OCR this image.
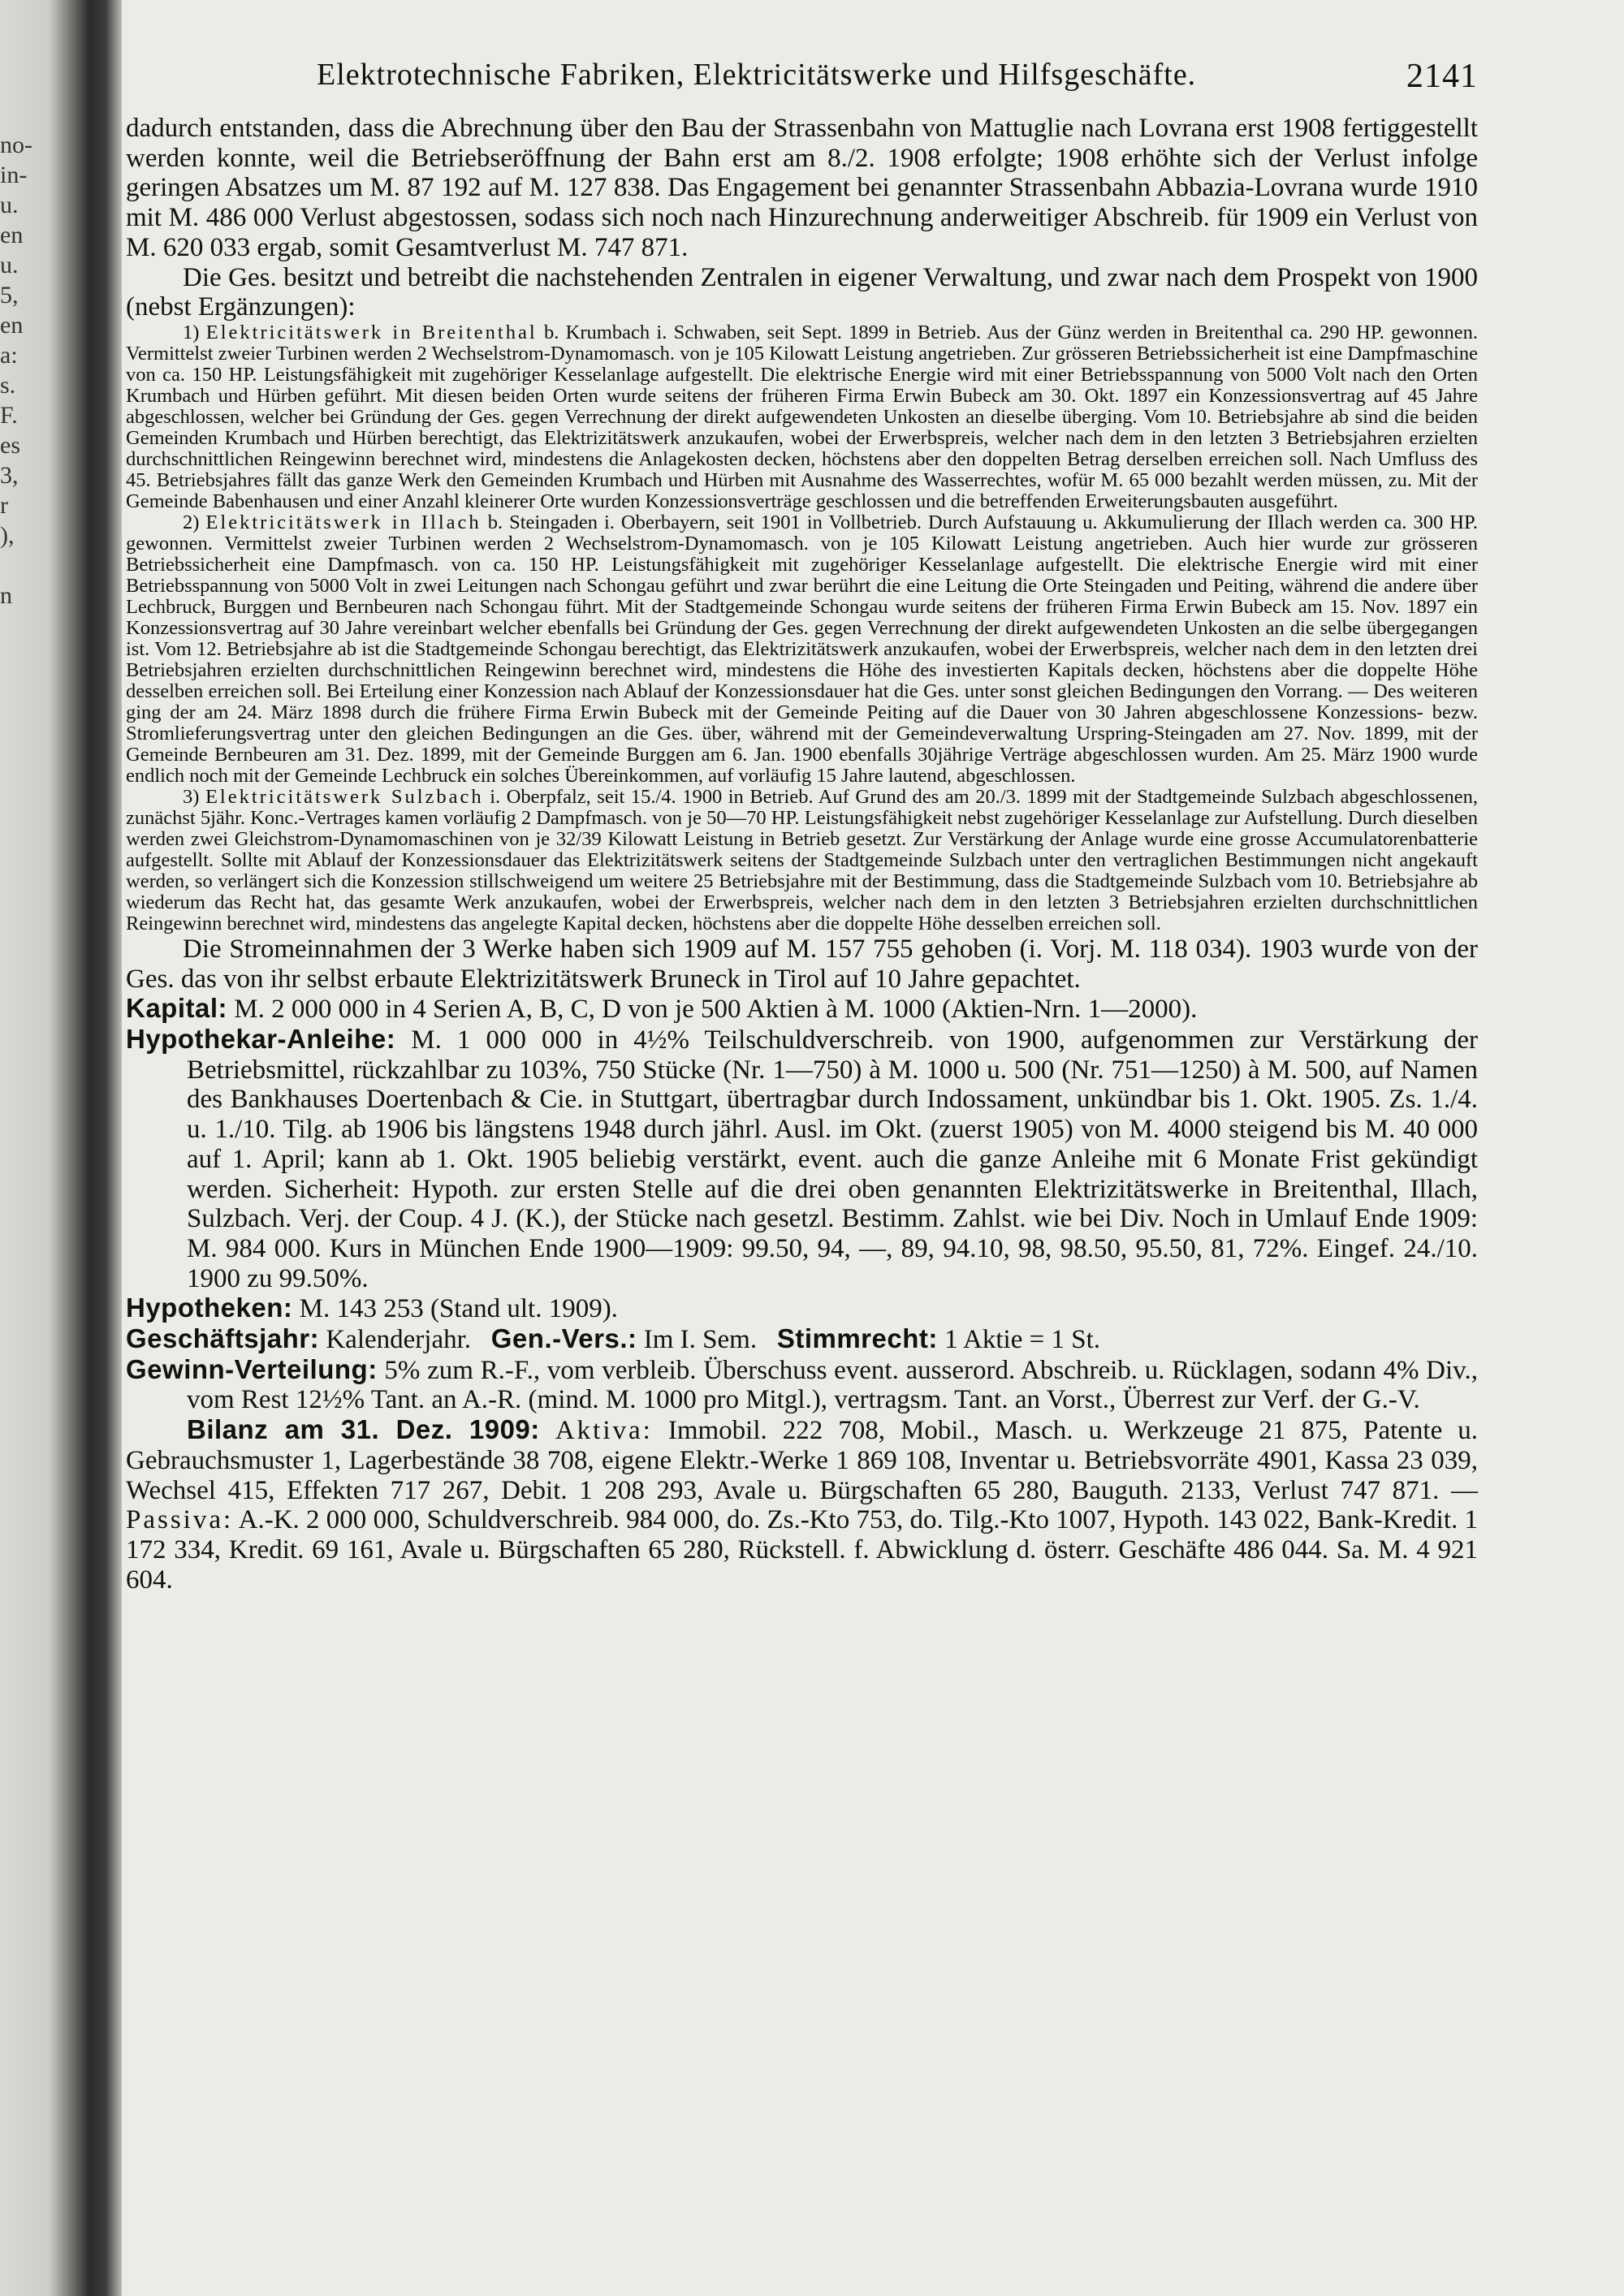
no-
in-
u.
en
u.
5,
en
a:
s.
F.
es
3,
r
),
n
Elektrotechnische Fabriken, Elektricitätswerke und Hilfsgeschäfte.	2141

dadurch entstanden, dass die Abrechnung über den Bau der Strassenbahn von Mattuglie nach Lovrana erst 1908 fertiggestellt werden konnte, weil die Betriebseröffnung der Bahn erst am 8./2. 1908 erfolgte; 1908 erhöhte sich der Verlust infolge geringen Absatzes um M. 87 192 auf M. 127 838. Das Engagement bei genannter Strassenbahn Abbazia-Lovrana wurde 1910 mit M. 486 000 Verlust abgestossen, sodass sich noch nach Hinzurechnung anderweitiger Abschreib. für 1909 ein Verlust von M. 620 033 ergab, somit Gesamtverlust M. 747 871.

Die Ges. besitzt und betreibt die nachstehenden Zentralen in eigener Verwaltung, und zwar nach dem Prospekt von 1900 (nebst Ergänzungen):

1) Elektricitätswerk in Breitenthal b. Krumbach i. Schwaben, seit Sept. 1899 in Betrieb. Aus der Günz werden in Breitenthal ca. 290 HP. gewonnen. Vermittelst zweier Turbinen werden 2 Wechselstrom-Dynamomasch. von je 105 Kilowatt Leistung angetrieben. Zur grösseren Betriebssicherheit ist eine Dampfmaschine von ca. 150 HP. Leistungsfähigkeit mit zugehöriger Kesselanlage aufgestellt. Die elektrische Energie wird mit einer Betriebsspannung von 5000 Volt nach den Orten Krumbach und Hürben geführt. Mit diesen beiden Orten wurde seitens der früheren Firma Erwin Bubeck am 30. Okt. 1897 ein Konzessionsvertrag auf 45 Jahre abgeschlossen, welcher bei Gründung der Ges. gegen Verrechnung der direkt aufgewendeten Unkosten an dieselbe überging. Vom 10. Betriebsjahre ab sind die beiden Gemeinden Krumbach und Hürben berechtigt, das Elektrizitätswerk anzukaufen, wobei der Erwerbspreis, welcher nach dem in den letzten 3 Betriebsjahren erzielten durchschnittlichen Reingewinn berechnet wird, mindestens die Anlagekosten decken, höchstens aber den doppelten Betrag derselben erreichen soll. Nach Umfluss des 45. Betriebsjahres fällt das ganze Werk den Gemeinden Krumbach und Hürben mit Ausnahme des Wasserrechtes, wofür M. 65 000 bezahlt werden müssen, zu. Mit der Gemeinde Babenhausen und einer Anzahl kleinerer Orte wurden Konzessionsverträge geschlossen und die betreffenden Erweiterungsbauten ausgeführt.

2) Elektricitätswerk in Illach b. Steingaden i. Oberbayern, seit 1901 in Vollbetrieb. Durch Aufstauung u. Akkumulierung der Illach werden ca. 300 HP. gewonnen. Vermittelst zweier Turbinen werden 2 Wechselstrom-Dynamomasch. von je 105 Kilowatt Leistung angetrieben. Auch hier wurde zur grösseren Betriebssicherheit eine Dampfmasch. von ca. 150 HP. Leistungsfähigkeit mit zugehöriger Kesselanlage aufgestellt. Die elektrische Energie wird mit einer Betriebsspannung von 5000 Volt in zwei Leitungen nach Schongau geführt und zwar berührt die eine Leitung die Orte Steingaden und Peiting, während die andere über Lechbruck, Burggen und Bernbeuren nach Schongau führt. Mit der Stadtgemeinde Schongau wurde seitens der früheren Firma Erwin Bubeck am 15. Nov. 1897 ein Konzessionsvertrag auf 30 Jahre vereinbart welcher ebenfalls bei Gründung der Ges. gegen Verrechnung der direkt aufgewendeten Unkosten an die selbe übergegangen ist. Vom 12. Betriebsjahre ab ist die Stadtgemeinde Schongau berechtigt, das Elektrizitätswerk anzukaufen, wobei der Erwerbspreis, welcher nach dem in den letzten drei Betriebsjahren erzielten durchschnittlichen Reingewinn berechnet wird, mindestens die Höhe des investierten Kapitals decken, höchstens aber die doppelte Höhe desselben erreichen soll. Bei Erteilung einer Konzession nach Ablauf der Konzessionsdauer hat die Ges. unter sonst gleichen Bedingungen den Vorrang. — Des weiteren ging der am 24. März 1898 durch die frühere Firma Erwin Bubeck mit der Gemeinde Peiting auf die Dauer von 30 Jahren abgeschlossene Konzessions- bezw. Stromlieferungsvertrag unter den gleichen Bedingungen an die Ges. über, während mit der Gemeindeverwaltung Urspring-Steingaden am 27. Nov. 1899, mit der Gemeinde Bernbeuren am 31. Dez. 1899, mit der Gemeinde Burggen am 6. Jan. 1900 ebenfalls 30jährige Verträge abgeschlossen wurden. Am 25. März 1900 wurde endlich noch mit der Gemeinde Lechbruck ein solches Übereinkommen, auf vorläufig 15 Jahre lautend, abgeschlossen.

3) Elektricitätswerk Sulzbach i. Oberpfalz, seit 15./4. 1900 in Betrieb. Auf Grund des am 20./3. 1899 mit der Stadtgemeinde Sulzbach abgeschlossenen, zunächst 5jähr. Konc.-Vertrages kamen vorläufig 2 Dampfmasch. von je 50—70 HP. Leistungsfähigkeit nebst zugehöriger Kesselanlage zur Aufstellung. Durch dieselben werden zwei Gleichstrom-Dynamomaschinen von je 32/39 Kilowatt Leistung in Betrieb gesetzt. Zur Verstärkung der Anlage wurde eine grosse Accumulatorenbatterie aufgestellt. Sollte mit Ablauf der Konzessionsdauer das Elektrizitätswerk seitens der Stadtgemeinde Sulzbach unter den vertraglichen Bestimmungen nicht angekauft werden, so verlängert sich die Konzession stillschweigend um weitere 25 Betriebsjahre mit der Bestimmung, dass die Stadtgemeinde Sulzbach vom 10. Betriebsjahre ab wiederum das Recht hat, das gesamte Werk anzukaufen, wobei der Erwerbspreis, welcher nach dem in den letzten 3 Betriebsjahren erzielten durchschnittlichen Reingewinn berechnet wird, mindestens das angelegte Kapital decken, höchstens aber die doppelte Höhe desselben erreichen soll.

Die Stromeinnahmen der 3 Werke haben sich 1909 auf M. 157 755 gehoben (i. Vorj. M. 118 034). 1903 wurde von der Ges. das von ihr selbst erbaute Elektrizitätswerk Bruneck in Tirol auf 10 Jahre gepachtet.

Kapital: M. 2 000 000 in 4 Serien A, B, C, D von je 500 Aktien à M. 1000 (Aktien-Nrn. 1—2000).

Hypothekar-Anleihe: M. 1 000 000 in 4½% Teilschuldverschreib. von 1900, aufgenommen zur Verstärkung der Betriebsmittel, rückzahlbar zu 103%, 750 Stücke (Nr. 1—750) à M. 1000 u. 500 (Nr. 751—1250) à M. 500, auf Namen des Bankhauses Doertenbach & Cie. in Stuttgart, übertragbar durch Indossament, unkündbar bis 1. Okt. 1905. Zs. 1./4. u. 1./10. Tilg. ab 1906 bis längstens 1948 durch jährl. Ausl. im Okt. (zuerst 1905) von M. 4000 steigend bis M. 40 000 auf 1. April; kann ab 1. Okt. 1905 beliebig verstärkt, event. auch die ganze Anleihe mit 6 Monate Frist gekündigt werden. Sicherheit: Hypoth. zur ersten Stelle auf die drei oben genannten Elektrizitätswerke in Breitenthal, Illach, Sulzbach. Verj. der Coup. 4 J. (K.), der Stücke nach gesetzl. Bestimm. Zahlst. wie bei Div. Noch in Umlauf Ende 1909: M. 984 000. Kurs in München Ende 1900—1909: 99.50, 94, —, 89, 94.10, 98, 98.50, 95.50, 81, 72%. Eingef. 24./10. 1900 zu 99.50%.

Hypotheken: M. 143 253 (Stand ult. 1909).

Geschäftsjahr: Kalenderjahr. Gen.-Vers.: Im I. Sem. Stimmrecht: 1 Aktie = 1 St.

Gewinn-Verteilung: 5% zum R.-F., vom verbleib. Überschuss event. ausserord. Abschreib. u. Rücklagen, sodann 4% Div., vom Rest 12½% Tant. an A.-R. (mind. M. 1000 pro Mitgl.), vertragsm. Tant. an Vorst., Überrest zur Verf. der G.-V.

Bilanz am 31. Dez. 1909: Aktiva: Immobil. 222 708, Mobil., Masch. u. Werkzeuge 21 875, Patente u. Gebrauchsmuster 1, Lagerbestände 38 708, eigene Elektr.-Werke 1 869 108, Inventar u. Betriebsvorräte 4901, Kassa 23 039, Wechsel 415, Effekten 717 267, Debit. 1 208 293, Avale u. Bürgschaften 65 280, Bauguth. 2133, Verlust 747 871. — Passiva: A.-K. 2 000 000, Schuldverschreib. 984 000, do. Zs.-Kto 753, do. Tilg.-Kto 1007, Hypoth. 143 022, Bank-Kredit. 1 172 334, Kredit. 69 161, Avale u. Bürgschaften 65 280, Rückstell. f. Abwicklung d. österr. Geschäfte 486 044. Sa. M. 4 921 604.
